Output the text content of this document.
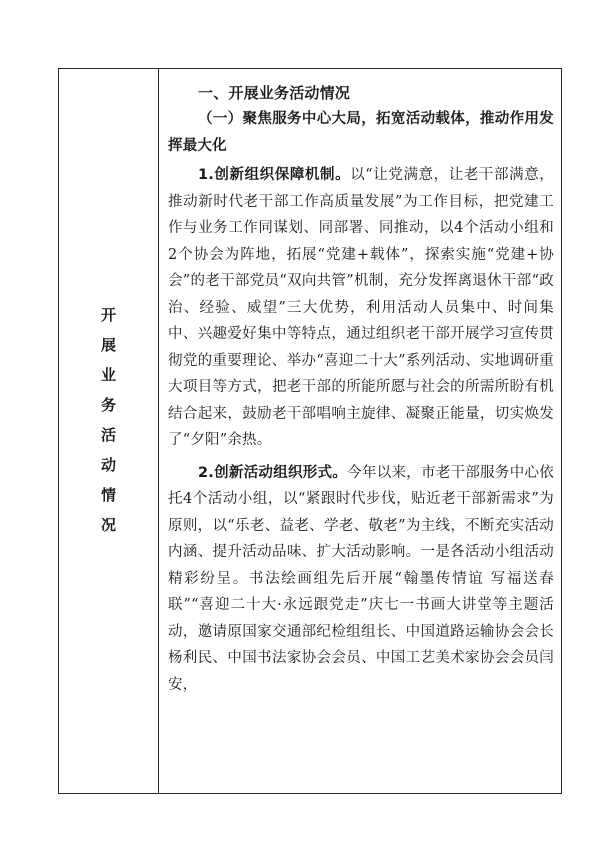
开
展
业
务
活
动
情
况

一、开展业务活动情况

（一）聚焦服务中心大局，拓宽活动载体，推动作用发挥最大化

1.创新组织保障机制。以“让党满意，让老干部满意，推动新时代老干部工作高质量发展”为工作目标，把党建工作与业务工作同谋划、同部署、同推动，以4个活动小组和2个协会为阵地，拓展“党建+载体”，探索实施“党建+协会”的老干部党员“双向共管”机制，充分发挥离退休干部“政治、经验、威望”三大优势，利用活动人员集中、时间集中、兴趣爱好集中等特点，通过组织老干部开展学习宣传贯彻党的重要理论、举办“喜迎二十大”系列活动、实地调研重大项目等方式，把老干部的所能所愿与社会的所需所盼有机结合起来，鼓励老干部唱响主旋律、凝聚正能量，切实焕发了“夕阳”余热。

2.创新活动组织形式。今年以来，市老干部服务中心依托4个活动小组，以“紧跟时代步伐，贴近老干部新需求”为原则，以“乐老、益老、学老、敬老”为主线，不断充实活动内涵、提升活动品味、扩大活动影响。一是各活动小组活动精彩纷呈。书法绘画组先后开展“翰墨传情谊 写福送春联”“喜迎二十大·永远跟党走”庆七一书画大讲堂等主题活动，邀请原国家交通部纪检组组长、中国道路运输协会会长杨利民、中国书法家协会会员、中国工艺美术家协会会员闫安，
